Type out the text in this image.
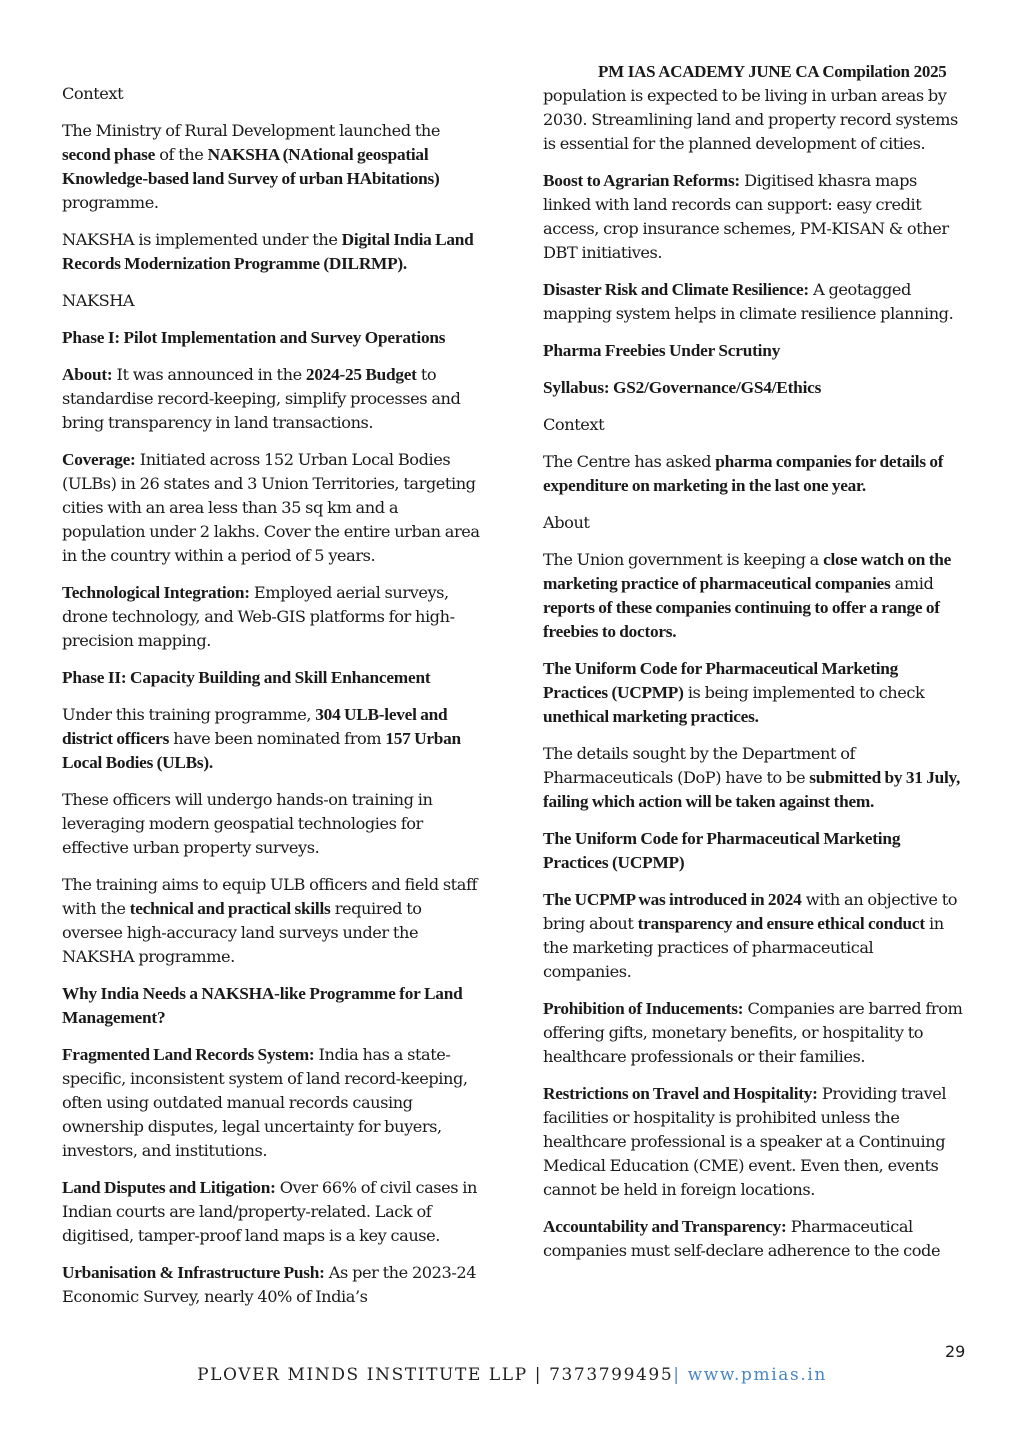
PM IAS ACADEMY JUNE CA Compilation 2025

Context

The Ministry of Rural Development launched the second phase of the NAKSHA (NAtional geospatial Knowledge-based land Survey of urban HAbitations) programme.

NAKSHA is implemented under the Digital India Land Records Modernization Programme (DILRMP).

NAKSHA

Phase I: Pilot Implementation and Survey Operations

About: It was announced in the 2024-25 Budget to standardise record-keeping, simplify processes and bring transparency in land transactions.

Coverage: Initiated across 152 Urban Local Bodies (ULBs) in 26 states and 3 Union Territories, targeting cities with an area less than 35 sq km and a population under 2 lakhs. Cover the entire urban area in the country within a period of 5 years.

Technological Integration: Employed aerial surveys, drone technology, and Web-GIS platforms for high-precision mapping.

Phase II: Capacity Building and Skill Enhancement

Under this training programme, 304 ULB-level and district officers have been nominated from 157 Urban Local Bodies (ULBs).

These officers will undergo hands-on training in leveraging modern geospatial technologies for effective urban property surveys.

The training aims to equip ULB officers and field staff with the technical and practical skills required to oversee high-accuracy land surveys under the NAKSHA programme.

Why India Needs a NAKSHA-like Programme for Land Management?

Fragmented Land Records System: India has a state-specific, inconsistent system of land record-keeping, often using outdated manual records causing ownership disputes, legal uncertainty for buyers, investors, and institutions.

Land Disputes and Litigation: Over 66% of civil cases in Indian courts are land/property-related. Lack of digitised, tamper-proof land maps is a key cause.

Urbanisation & Infrastructure Push: As per the 2023-24 Economic Survey, nearly 40% of India’s

population is expected to be living in urban areas by 2030. Streamlining land and property record systems is essential for the planned development of cities.

Boost to Agrarian Reforms: Digitised khasra maps linked with land records can support: easy credit access, crop insurance schemes, PM-KISAN & other DBT initiatives.

Disaster Risk and Climate Resilience: A geotagged mapping system helps in climate resilience planning.

Pharma Freebies Under Scrutiny

Syllabus: GS2/Governance/GS4/Ethics

Context

The Centre has asked pharma companies for details of expenditure on marketing in the last one year.

About

The Union government is keeping a close watch on the marketing practice of pharmaceutical companies amid reports of these companies continuing to offer a range of freebies to doctors.

The Uniform Code for Pharmaceutical Marketing Practices (UCPMP) is being implemented to check unethical marketing practices.

The details sought by the Department of Pharmaceuticals (DoP) have to be submitted by 31 July, failing which action will be taken against them.

The Uniform Code for Pharmaceutical Marketing Practices (UCPMP)

The UCPMP was introduced in 2024 with an objective to bring about transparency and ensure ethical conduct in the marketing practices of pharmaceutical companies.

Prohibition of Inducements: Companies are barred from offering gifts, monetary benefits, or hospitality to healthcare professionals or their families.

Restrictions on Travel and Hospitality: Providing travel facilities or hospitality is prohibited unless the healthcare professional is a speaker at a Continuing Medical Education (CME) event. Even then, events cannot be held in foreign locations.

Accountability and Transparency: Pharmaceutical companies must self-declare adherence to the code

29
PLOVER MINDS INSTITUTE LLP | 7373799495| www.pmias.in
